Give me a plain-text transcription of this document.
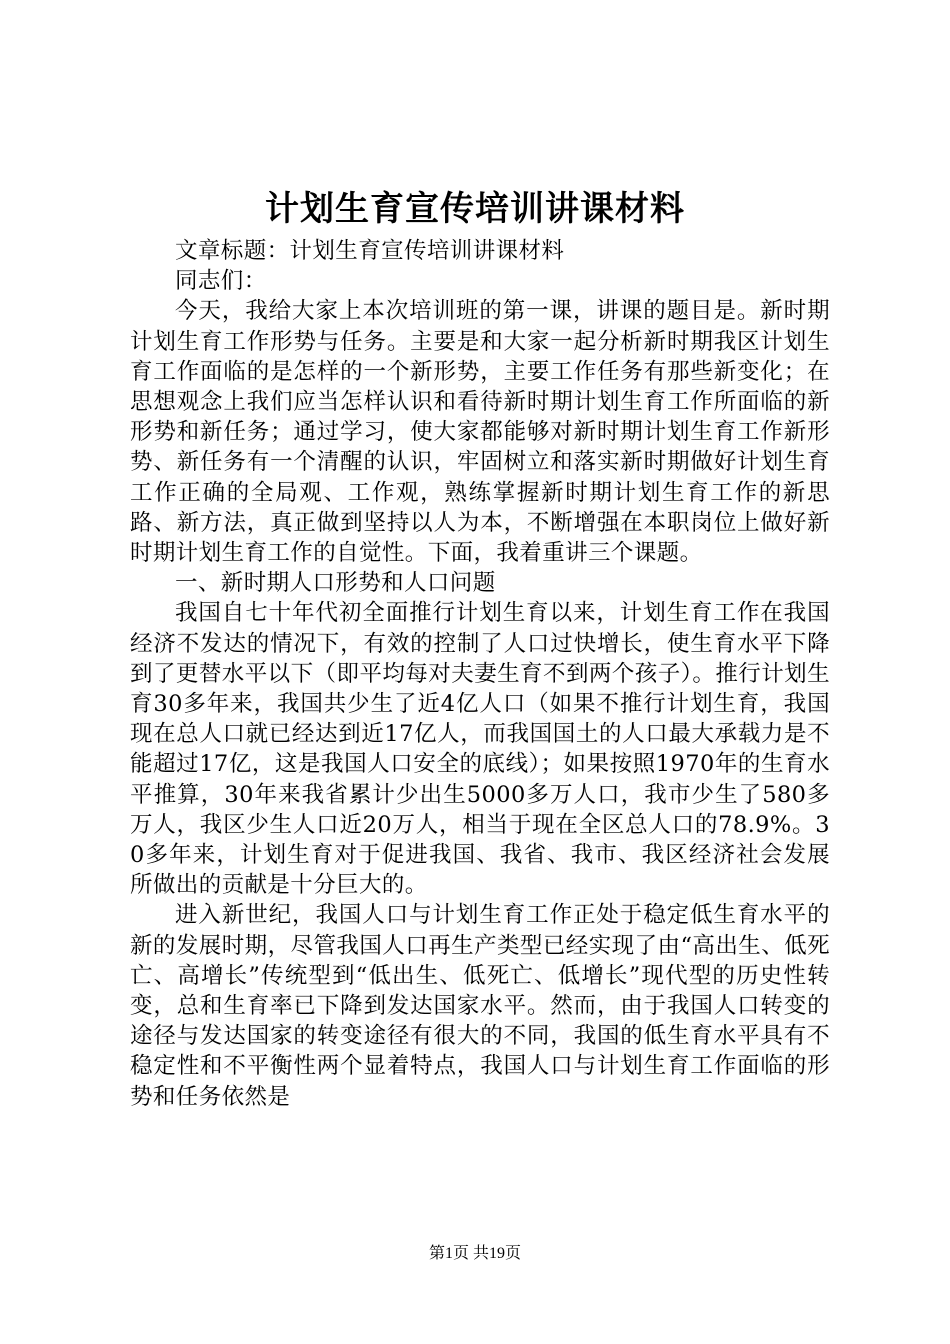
计划生育宣传培训讲课材料

文章标题：计划生育宣传培训讲课材料

同志们：

今天，我给大家上本次培训班的第一课，讲课的题目是。新时期计划生育工作形势与任务。主要是和大家一起分析新时期我区计划生育工作面临的是怎样的一个新形势，主要工作任务有那些新变化；在思想观念上我们应当怎样认识和看待新时期计划生育工作所面临的新形势和新任务；通过学习，使大家都能够对新时期计划生育工作新形势、新任务有一个清醒的认识，牢固树立和落实新时期做好计划生育工作正确的全局观、工作观，熟练掌握新时期计划生育工作的新思路、新方法，真正做到坚持以人为本，不断增强在本职岗位上做好新时期计划生育工作的自觉性。下面，我着重讲三个课题。

一、新时期人口形势和人口问题

我国自七十年代初全面推行计划生育以来，计划生育工作在我国经济不发达的情况下，有效的控制了人口过快增长，使生育水平下降到了更替水平以下（即平均每对夫妻生育不到两个孩子）。推行计划生育30多年来，我国共少生了近4亿人口（如果不推行计划生育，我国现在总人口就已经达到近17亿人，而我国国土的人口最大承载力是不能超过17亿，这是我国人口安全的底线）；如果按照1970年的生育水平推算，30年来我省累计少出生5000多万人口，我市少生了580多万人，我区少生人口近20万人，相当于现在全区总人口的78.9%。30多年来，计划生育对于促进我国、我省、我市、我区经济社会发展所做出的贡献是十分巨大的。

进入新世纪，我国人口与计划生育工作正处于稳定低生育水平的新的发展时期，尽管我国人口再生产类型已经实现了由“高出生、低死亡、高增长”传统型到“低出生、低死亡、低增长”现代型的历史性转变，总和生育率已下降到发达国家水平。然而，由于我国人口转变的途径与发达国家的转变途径有很大的不同，我国的低生育水平具有不稳定性和不平衡性两个显着特点，我国人口与计划生育工作面临的形势和任务依然是

第1页 共19页
